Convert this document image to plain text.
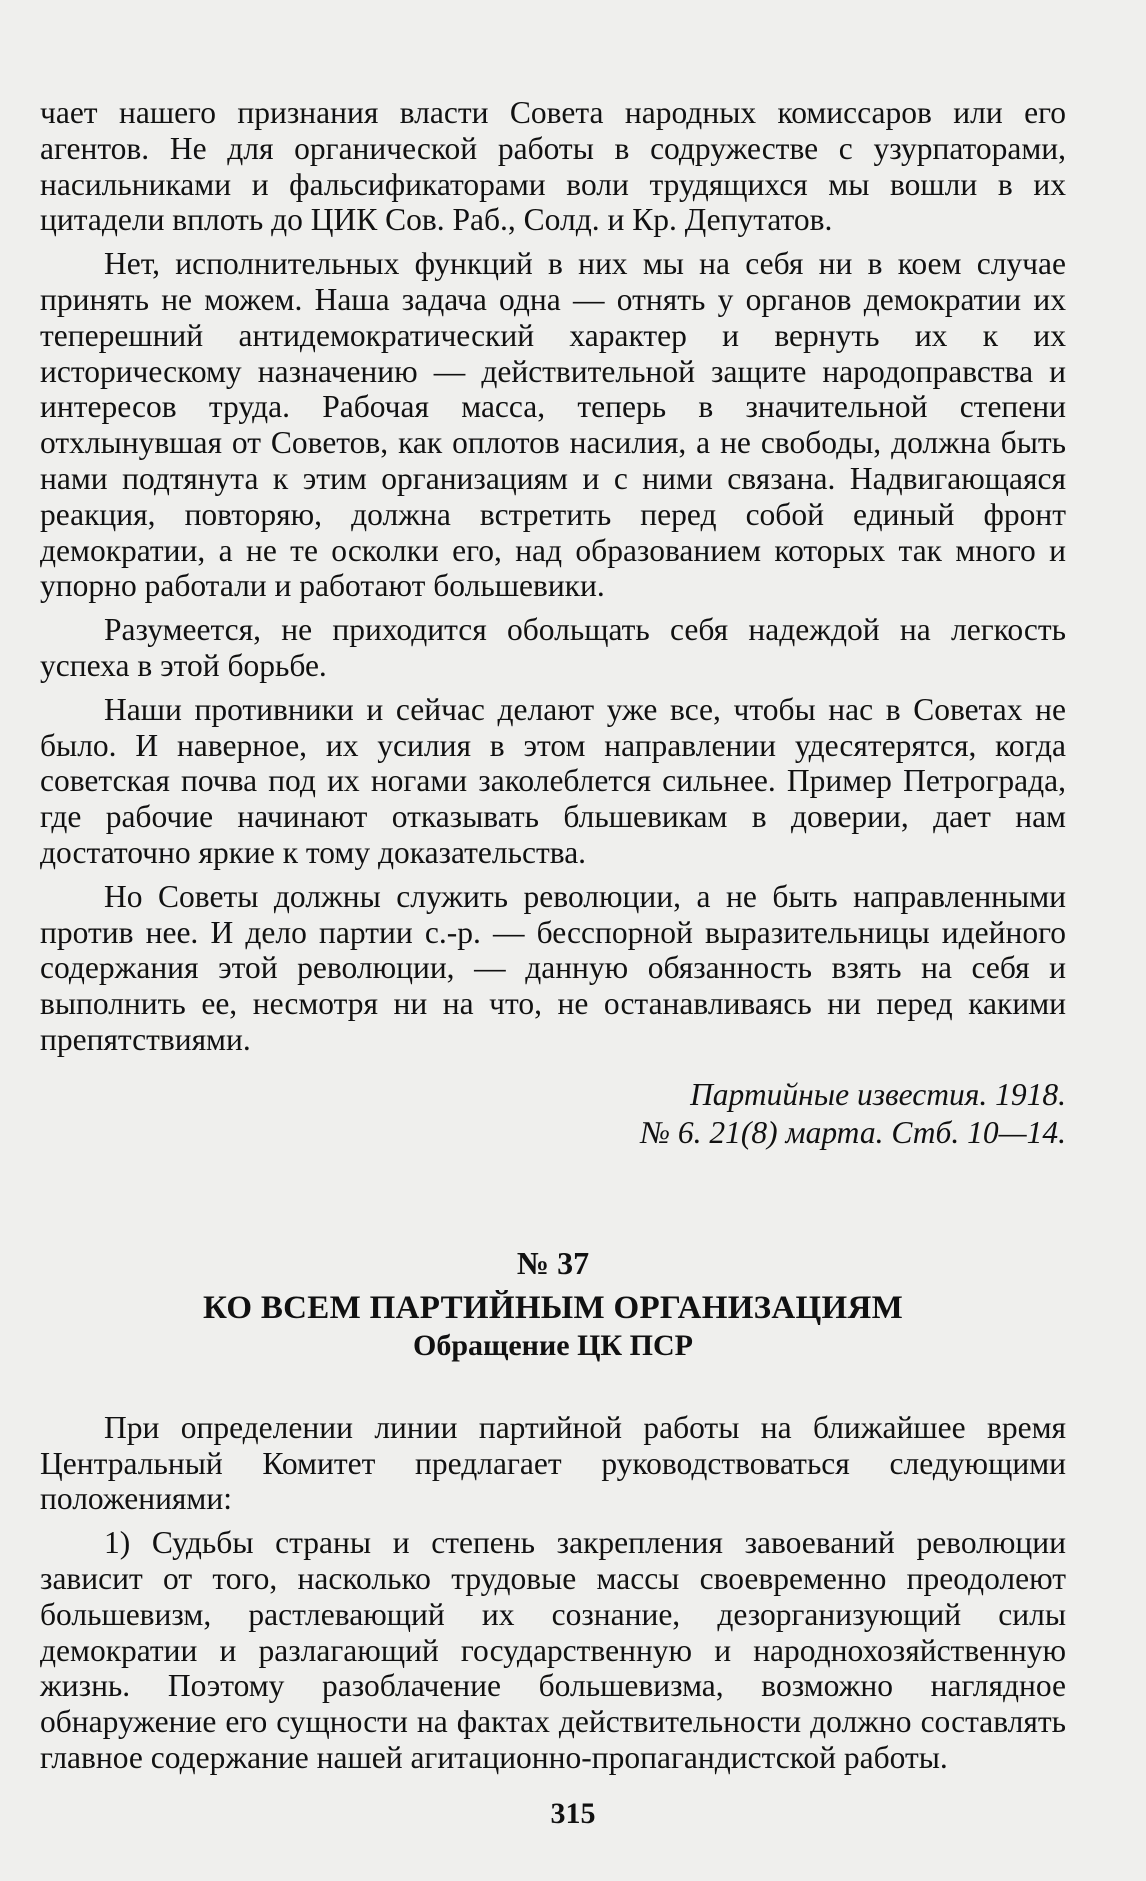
чает нашего признания власти Совета народных комиссаров или его агентов. Не для органической работы в содружестве с узурпаторами, насильниками и фальсификаторами воли трудящихся мы вошли в их цитадели вплоть до ЦИК Сов. Раб., Солд. и Кр. Депутатов.

Нет, исполнительных функций в них мы на себя ни в коем случае принять не можем. Наша задача одна — отнять у органов демократии их теперешний антидемократический характер и вернуть их к их историческому назначению — действительной защите народоправства и интересов труда. Рабочая масса, теперь в значительной степени отхлынувшая от Советов, как оплотов насилия, а не свободы, должна быть нами подтянута к этим организациям и с ними связана. Надвигающаяся реакция, повторяю, должна встретить перед собой единый фронт демократии, а не те осколки его, над образованием которых так много и упорно работали и работают большевики.

Разумеется, не приходится обольщать себя надеждой на легкость успеха в этой борьбе.

Наши противники и сейчас делают уже все, чтобы нас в Советах не было. И наверное, их усилия в этом направлении удесятерятся, когда советская почва под их ногами заколеблется сильнее. Пример Петрограда, где рабочие начинают отказывать бльшевикам в доверии, дает нам достаточно яркие к тому доказательства.

Но Советы должны служить революции, а не быть направленными против нее. И дело партии с.-р. — бесспорной выразительницы идейного содержания этой революции, — данную обязанность взять на себя и выполнить ее, несмотря ни на что, не останавливаясь ни перед какими препятствиями.

Партийные известия. 1918.
№ 6. 21(8) марта. Стб. 10—14.
№ 37
КО ВСЕМ ПАРТИЙНЫМ ОРГАНИЗАЦИЯМ
Обращение ЦК ПСР

При определении линии партийной работы на ближайшее время Центральный Комитет предлагает руководствоваться следующими положениями:

1) Судьбы страны и степень закрепления завоеваний революции зависит от того, насколько трудовые массы своевременно преодолеют большевизм, растлевающий их сознание, дезорганизующий силы демократии и разлагающий государственную и народнохозяйственную жизнь. Поэтому разоблачение большевизма, возможно наглядное обнаружение его сущности на фактах действительности должно составлять главное содержание нашей агитационно-пропагандистской работы.

315
